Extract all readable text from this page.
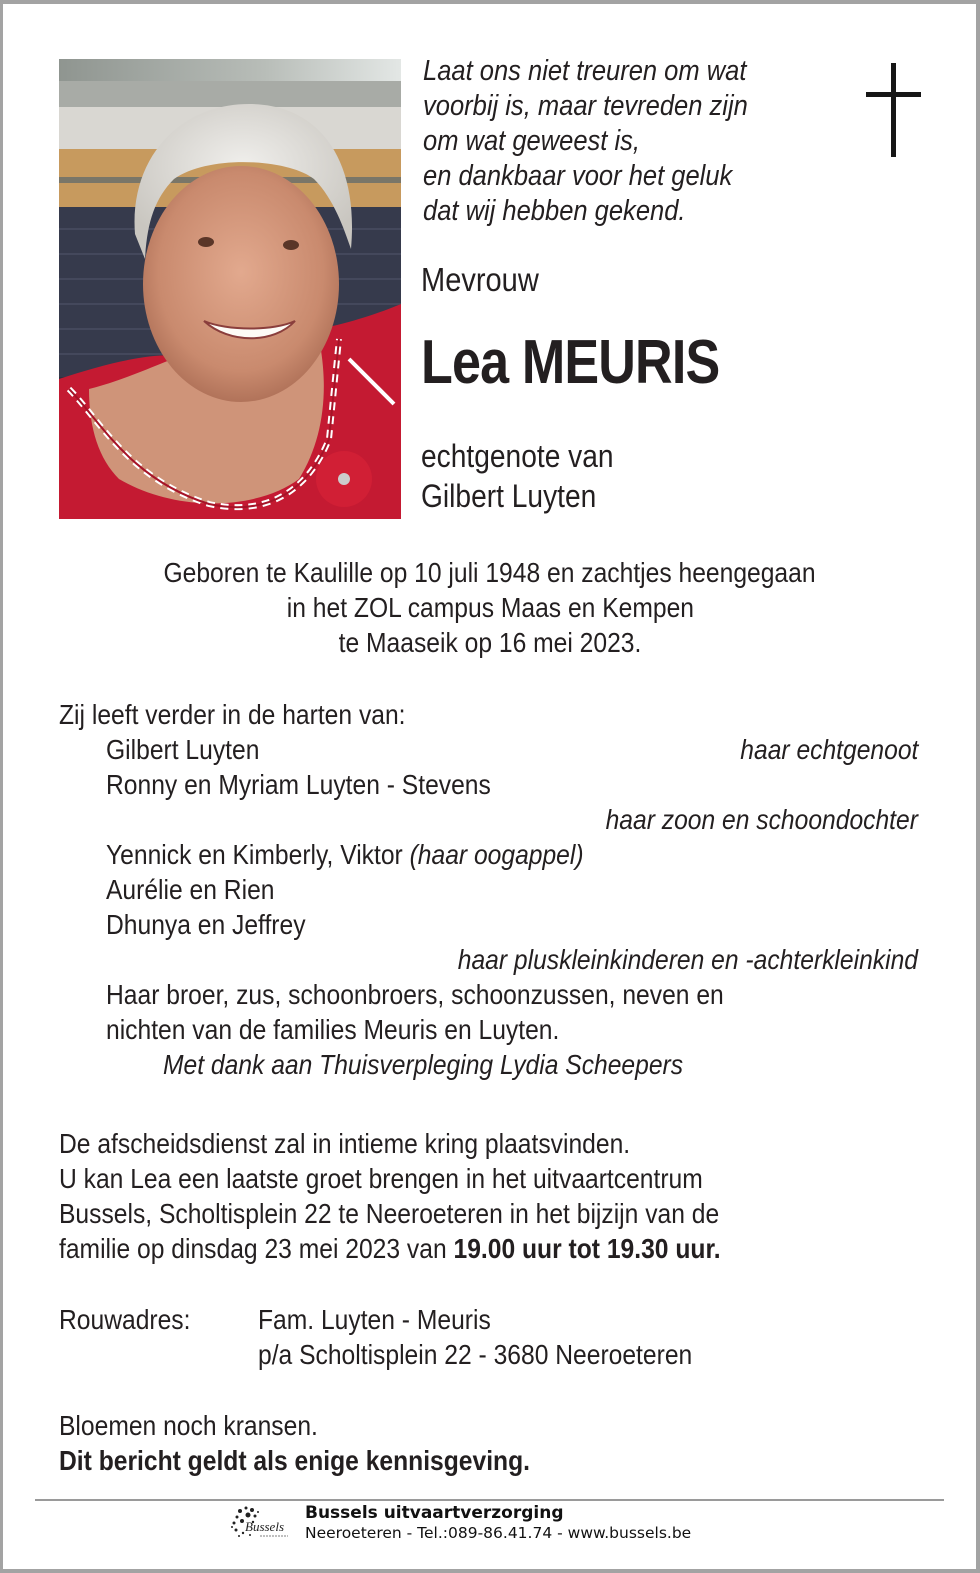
Laat ons niet treuren om wat
voorbij is, maar tevreden zijn
om wat geweest is,
en dankbaar voor het geluk
dat wij hebben gekend.
Mevrouw
Lea MEURIS
echtgenote van
Gilbert Luyten
Geboren te Kaulille op 10 juli 1948 en zachtjes heengegaan
in het ZOL campus Maas en Kempen
te Maaseik op 16 mei 2023.
Zij leeft verder in de harten van:
Gilbert Luyten	haar echtgenoot
Ronny en Myriam Luyten - Stevens
haar zoon en schoondochter
Yennick en Kimberly, Viktor (haar oogappel)
Aurélie en Rien
Dhunya en Jeffrey
haar pluskleinkinderen en -achterkleinkind
Haar broer, zus, schoonbroers, schoonzussen, neven en
nichten van de families Meuris en Luyten.
Met dank aan Thuisverpleging Lydia Scheepers
De afscheidsdienst zal in intieme kring plaatsvinden.
U kan Lea een laatste groet brengen in het uitvaartcentrum
Bussels, Scholtisplein 22 te Neeroeteren in het bijzijn van de
familie op dinsdag 23 mei 2023 van 19.00 uur tot 19.30 uur.
Rouwadres:	Fam. Luyten - Meuris
p/a Scholtisplein 22 - 3680 Neeroeteren
Bloemen noch kransen.
Dit bericht geldt als enige kennisgeving.
Bussels
Bussels uitvaartverzorging
Neeroeteren - Tel.:089-86.41.74 - www.bussels.be
